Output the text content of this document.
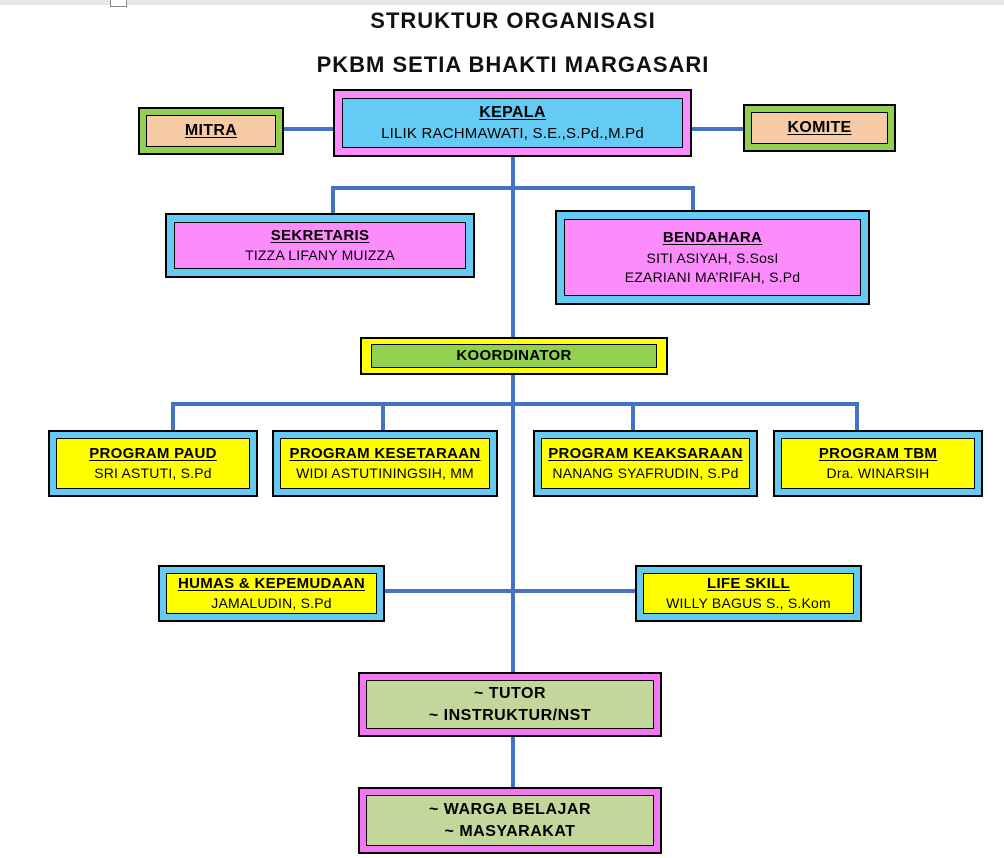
STRUKTUR ORGANISASI
PKBM SETIA BHAKTI MARGASARI
MITRA
KEPALA
LILIK RACHMAWATI, S.E.,S.Pd.,M.Pd	KOMITE
SEKRETARIS
TIZZA LIFANY MUIZZA
BENDAHARA
SITI ASIYAH, S.SosI
EZARIANI MA’RIFAH, S.Pd
KOORDINATOR
PROGRAM PAUD
SRI ASTUTI, S.Pd
PROGRAM KESETARAAN
WIDI ASTUTININGSIH, MM
PROGRAM KEAKSARAAN
NANANG SYAFRUDIN, S.Pd
PROGRAM TBM
Dra. WINARSIH
HUMAS & KEPEMUDAAN
JAMALUDIN, S.Pd
LIFE SKILL
WILLY BAGUS S., S.Kom
~ TUTOR
~ INSTRUKTUR/NST
~ WARGA BELAJAR
~ MASYARAKAT
